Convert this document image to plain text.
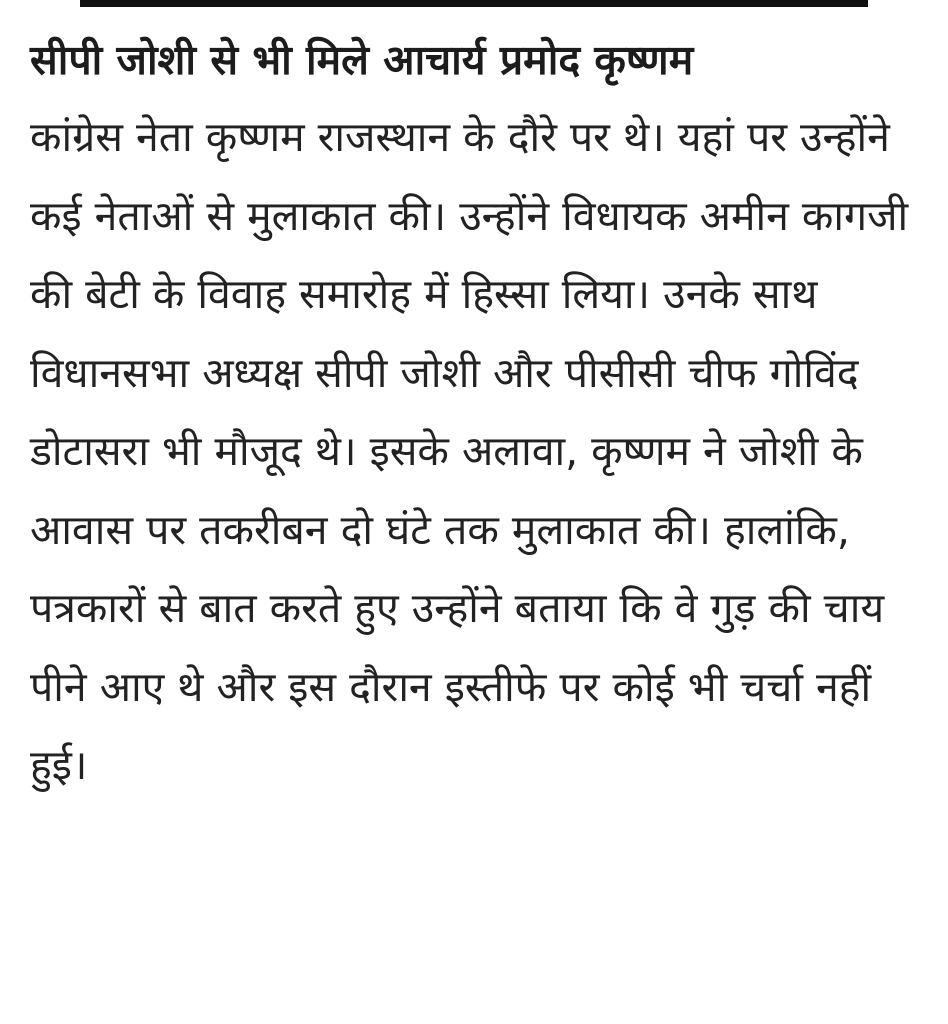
सीपी जोशी से भी मिले आचार्य प्रमोद कृष्णम

कांग्रेस नेता कृष्णम राजस्थान के दौरे पर थे। यहां पर उन्होंने कई नेताओं से मुलाकात की। उन्होंने विधायक अमीन कागजी की बेटी के विवाह समारोह में हिस्सा लिया। उनके साथ विधानसभा अध्यक्ष सीपी जोशी और पीसीसी चीफ गोविंद डोटासरा भी मौजूद थे। इसके अलावा, कृष्णम ने जोशी के आवास पर तकरीबन दो घंटे तक मुलाकात की। हालांकि, पत्रकारों से बात करते हुए उन्होंने बताया कि वे गुड़ की चाय पीने आए थे और इस दौरान इस्तीफे पर कोई भी चर्चा नहीं हुई।
